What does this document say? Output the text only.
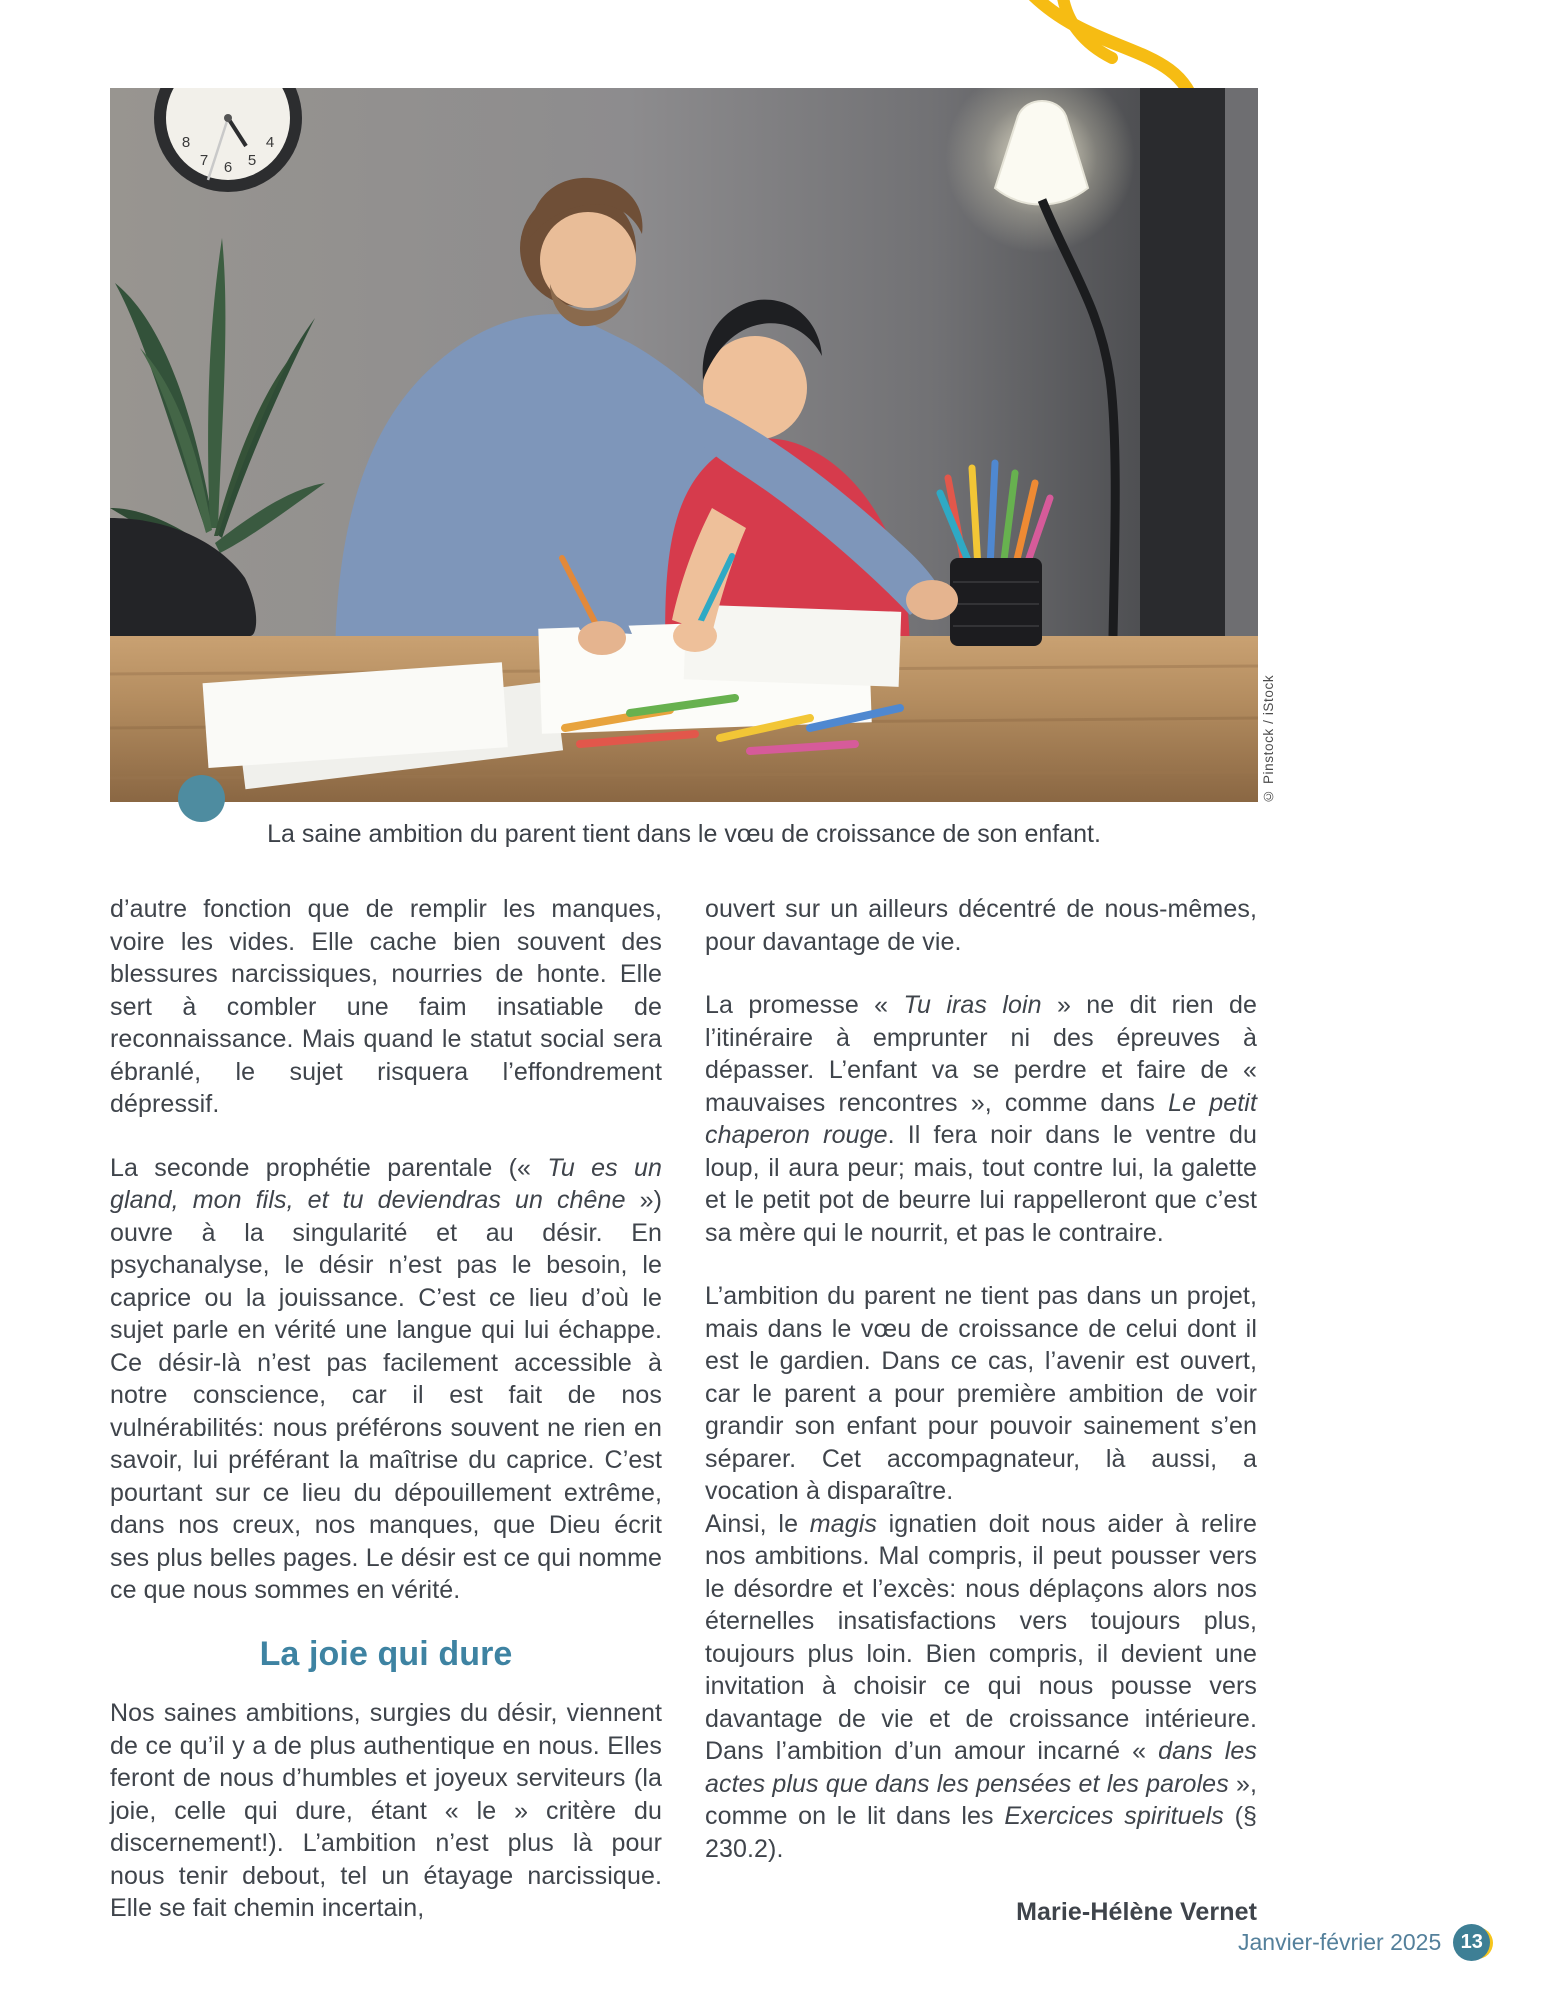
4
5
6
7
8
© Pinstock / iStock
La saine ambition du parent tient dans le vœu de croissance de son enfant.

d’autre fonction que de remplir les manques, voire les vides. Elle cache bien souvent des blessures narcissiques, nourries de honte. Elle sert à combler une faim insatiable de reconnaissance. Mais quand le statut social sera ébranlé, le sujet risquera l’effondrement dépressif.

La seconde prophétie parentale (« Tu es un gland, mon fils, et tu deviendras un chêne ») ouvre à la singularité et au désir. En psychanalyse, le désir n’est pas le besoin, le caprice ou la jouissance. C’est ce lieu d’où le sujet parle en vérité une langue qui lui échappe. Ce désir-là n’est pas facilement accessible à notre conscience, car il est fait de nos vulnérabilités: nous préférons souvent ne rien en savoir, lui préférant la maîtrise du caprice. C’est pourtant sur ce lieu du dépouillement extrême, dans nos creux, nos manques, que Dieu écrit ses plus belles pages. Le désir est ce qui nomme ce que nous sommes en vérité.

La joie qui dure

Nos saines ambitions, surgies du désir, viennent de ce qu’il y a de plus authentique en nous. Elles feront de nous d’humbles et joyeux serviteurs (la joie, celle qui dure, étant « le » critère du discernement!). L’ambition n’est plus là pour nous tenir debout, tel un étayage narcissique. Elle se fait chemin incertain,

ouvert sur un ailleurs décentré de nous-mêmes, pour davantage de vie.

La promesse « Tu iras loin » ne dit rien de l’itinéraire à emprunter ni des épreuves à dépasser. L’enfant va se perdre et faire de « mauvaises rencontres », comme dans Le petit chaperon rouge. Il fera noir dans le ventre du loup, il aura peur; mais, tout contre lui, la galette et le petit pot de beurre lui rappelleront que c’est sa mère qui le nourrit, et pas le contraire.

L’ambition du parent ne tient pas dans un projet, mais dans le vœu de croissance de celui dont il est le gardien. Dans ce cas, l’avenir est ouvert, car le parent a pour première ambition de voir grandir son enfant pour pouvoir sainement s’en séparer. Cet accompagnateur, là aussi, a vocation à disparaître.

Ainsi, le magis ignatien doit nous aider à relire nos ambitions. Mal compris, il peut pousser vers le désordre et l’excès: nous déplaçons alors nos éternelles insatisfactions vers toujours plus, toujours plus loin. Bien compris, il devient une invitation à choisir ce qui nous pousse vers davantage de vie et de croissance intérieure. Dans l’ambition d’un amour incarné « dans les actes plus que dans les pensées et les paroles », comme on le lit dans les Exercices spirituels (§ 230.2).

Marie-Hélène Vernet

Janvier-février 2025 13
